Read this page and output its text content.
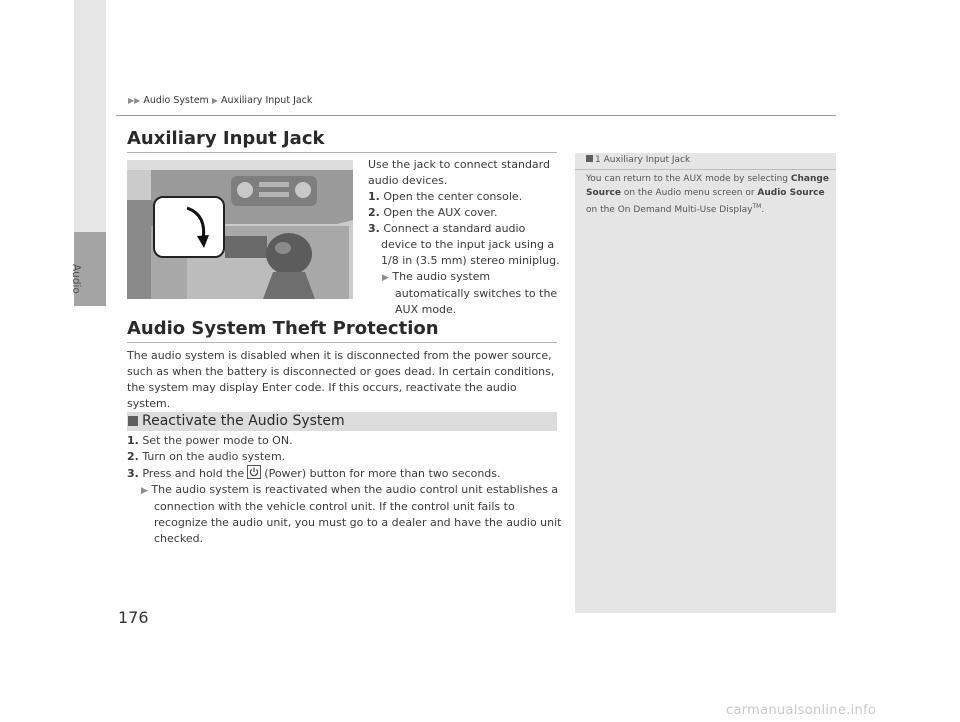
Audio
▶▶ Audio System ▶ Auxiliary Input Jack
Auxiliary Input Jack
Use the jack to connect standard audio devices.
1. Open the center console.
2. Open the AUX cover.
3. Connect a standard audio device to the input jack using a 1/8 in (3.5 mm) stereo miniplug.
▶ The audio system automatically switches to the AUX mode.
Audio System Theft Protection
The audio system is disabled when it is disconnected from the power source, such as when the battery is disconnected or goes dead. In certain conditions, the system may display Enter code. If this occurs, reactivate the audio system.
Reactivate the Audio System
1. Set the power mode to ON.
2. Turn on the audio system.
3. Press and hold the (Power) button for more than two seconds.
▶ The audio system is reactivated when the audio control unit establishes a connection with the vehicle control unit. If the control unit fails to recognize the audio unit, you must go to a dealer and have the audio unit checked.
1 Auxiliary Input Jack
You can return to the AUX mode by selecting Change Source on the Audio menu screen or Audio Source on the On Demand Multi-Use Display™.
176
carmanualsonline.info
